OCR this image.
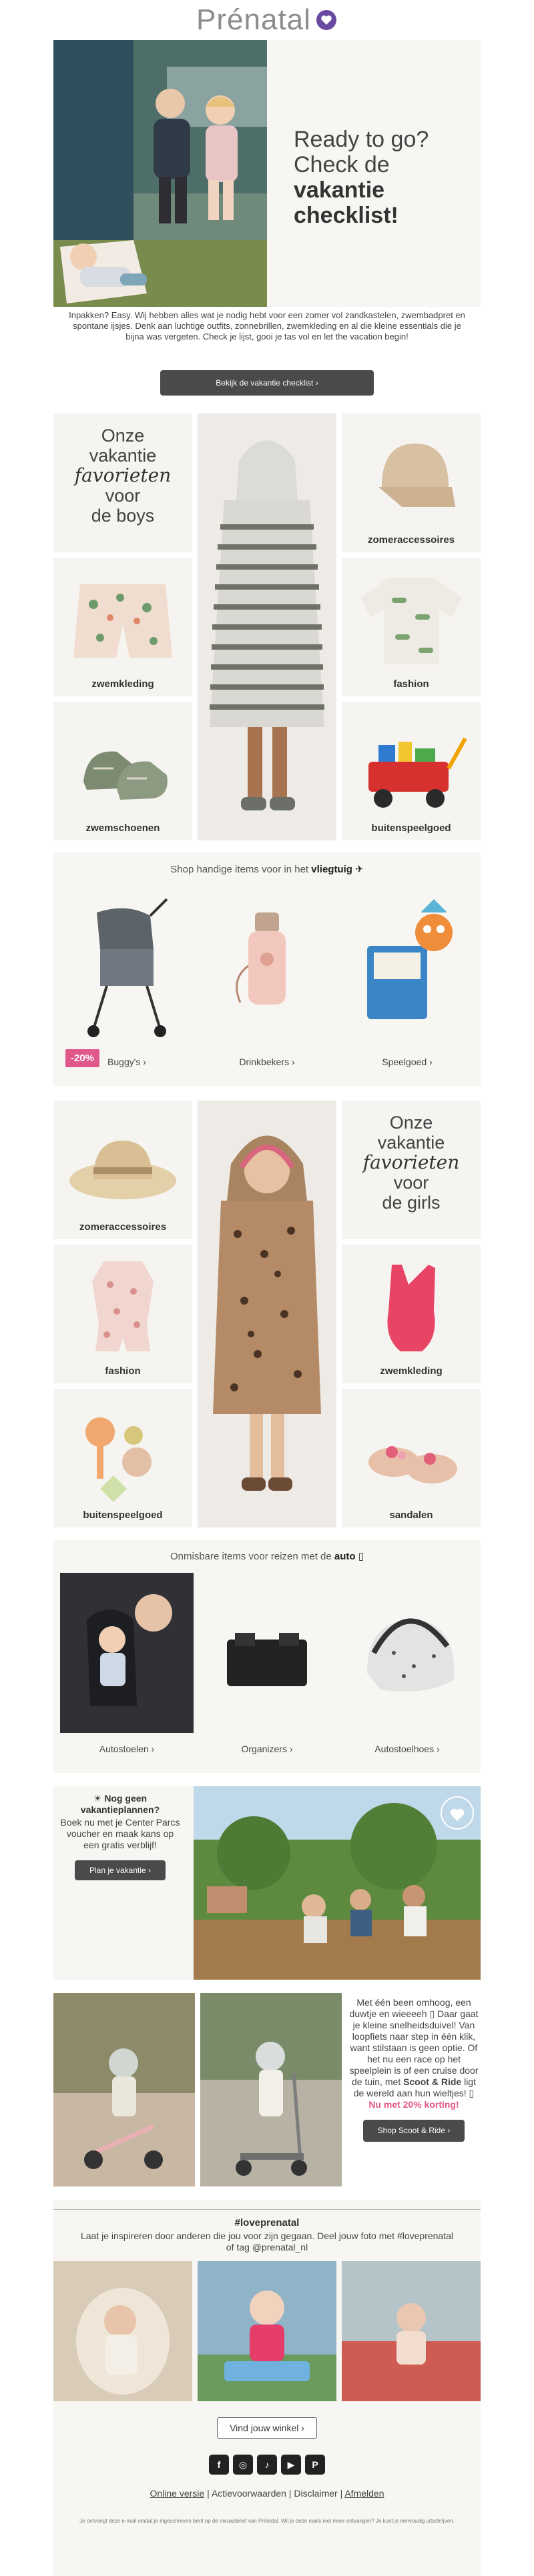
Prénatal
Ready to go?
Check de
vakantie
checklist!

Inpakken? Easy. Wij hebben alles wat je nodig hebt voor een zomer vol zandkastelen, zwembadpret en spontane ijsjes. Denk aan luchtige outfits, zonnebrillen, zwemkleding en al die kleine essentials die je bijna was vergeten. Check je lijst, gooi je tas vol en let the vacation begin!

Bekijk de vakantie checklist ›
Onze
vakantie
favorieten
voor
de boys
zomeraccessoires
zwemkleding	fashion
zwemschoenen	buitenspeelgoed
Shop handige items voor in het vliegtuig ✈
-20%	Buggy's ›	Drinkbekers ›	Speelgoed ›
zomeraccessoires
Onze
vakantie
favorieten
voor
de girls
fashion	zwemkleding
buitenspeelgoed	sandalen
Onmisbare items voor reizen met de auto ▯
Autostoelen ›	Organizers ›	Autostoelhoes ›
☀ Nog geen vakantieplannen?
Boek nu met je Center Parcs voucher en maak kans op een gratis verblijf!
Plan je vakantie ›
Met één been omhoog, een duwtje en wieeeeh ▯ Daar gaat je kleine snelheidsduivel! Van loopfiets naar step in één klik, want stilstaan is geen optie. Of het nu een race op het speelplein is of een cruise door de tuin, met Scoot & Ride ligt de wereld aan hun wieltjes! ▯
Nu met 20% korting!
Shop Scoot & Ride ›
#loveprenatal
Laat je inspireren door anderen die jou voor zijn gegaan. Deel jouw foto met #loveprenatal of tag @prenatal_nl
Vind jouw winkel ›
f	◎	♪	▶	P
Online versie | Actievoorwaarden | Disclaimer | Afmelden
Je ontvangt deze e-mail omdat je ingeschreven bent op de nieuwsbrief van Prénatal. Wil je deze mails niet meer ontvangen? Je kunt je eenvoudig uitschrijven.
